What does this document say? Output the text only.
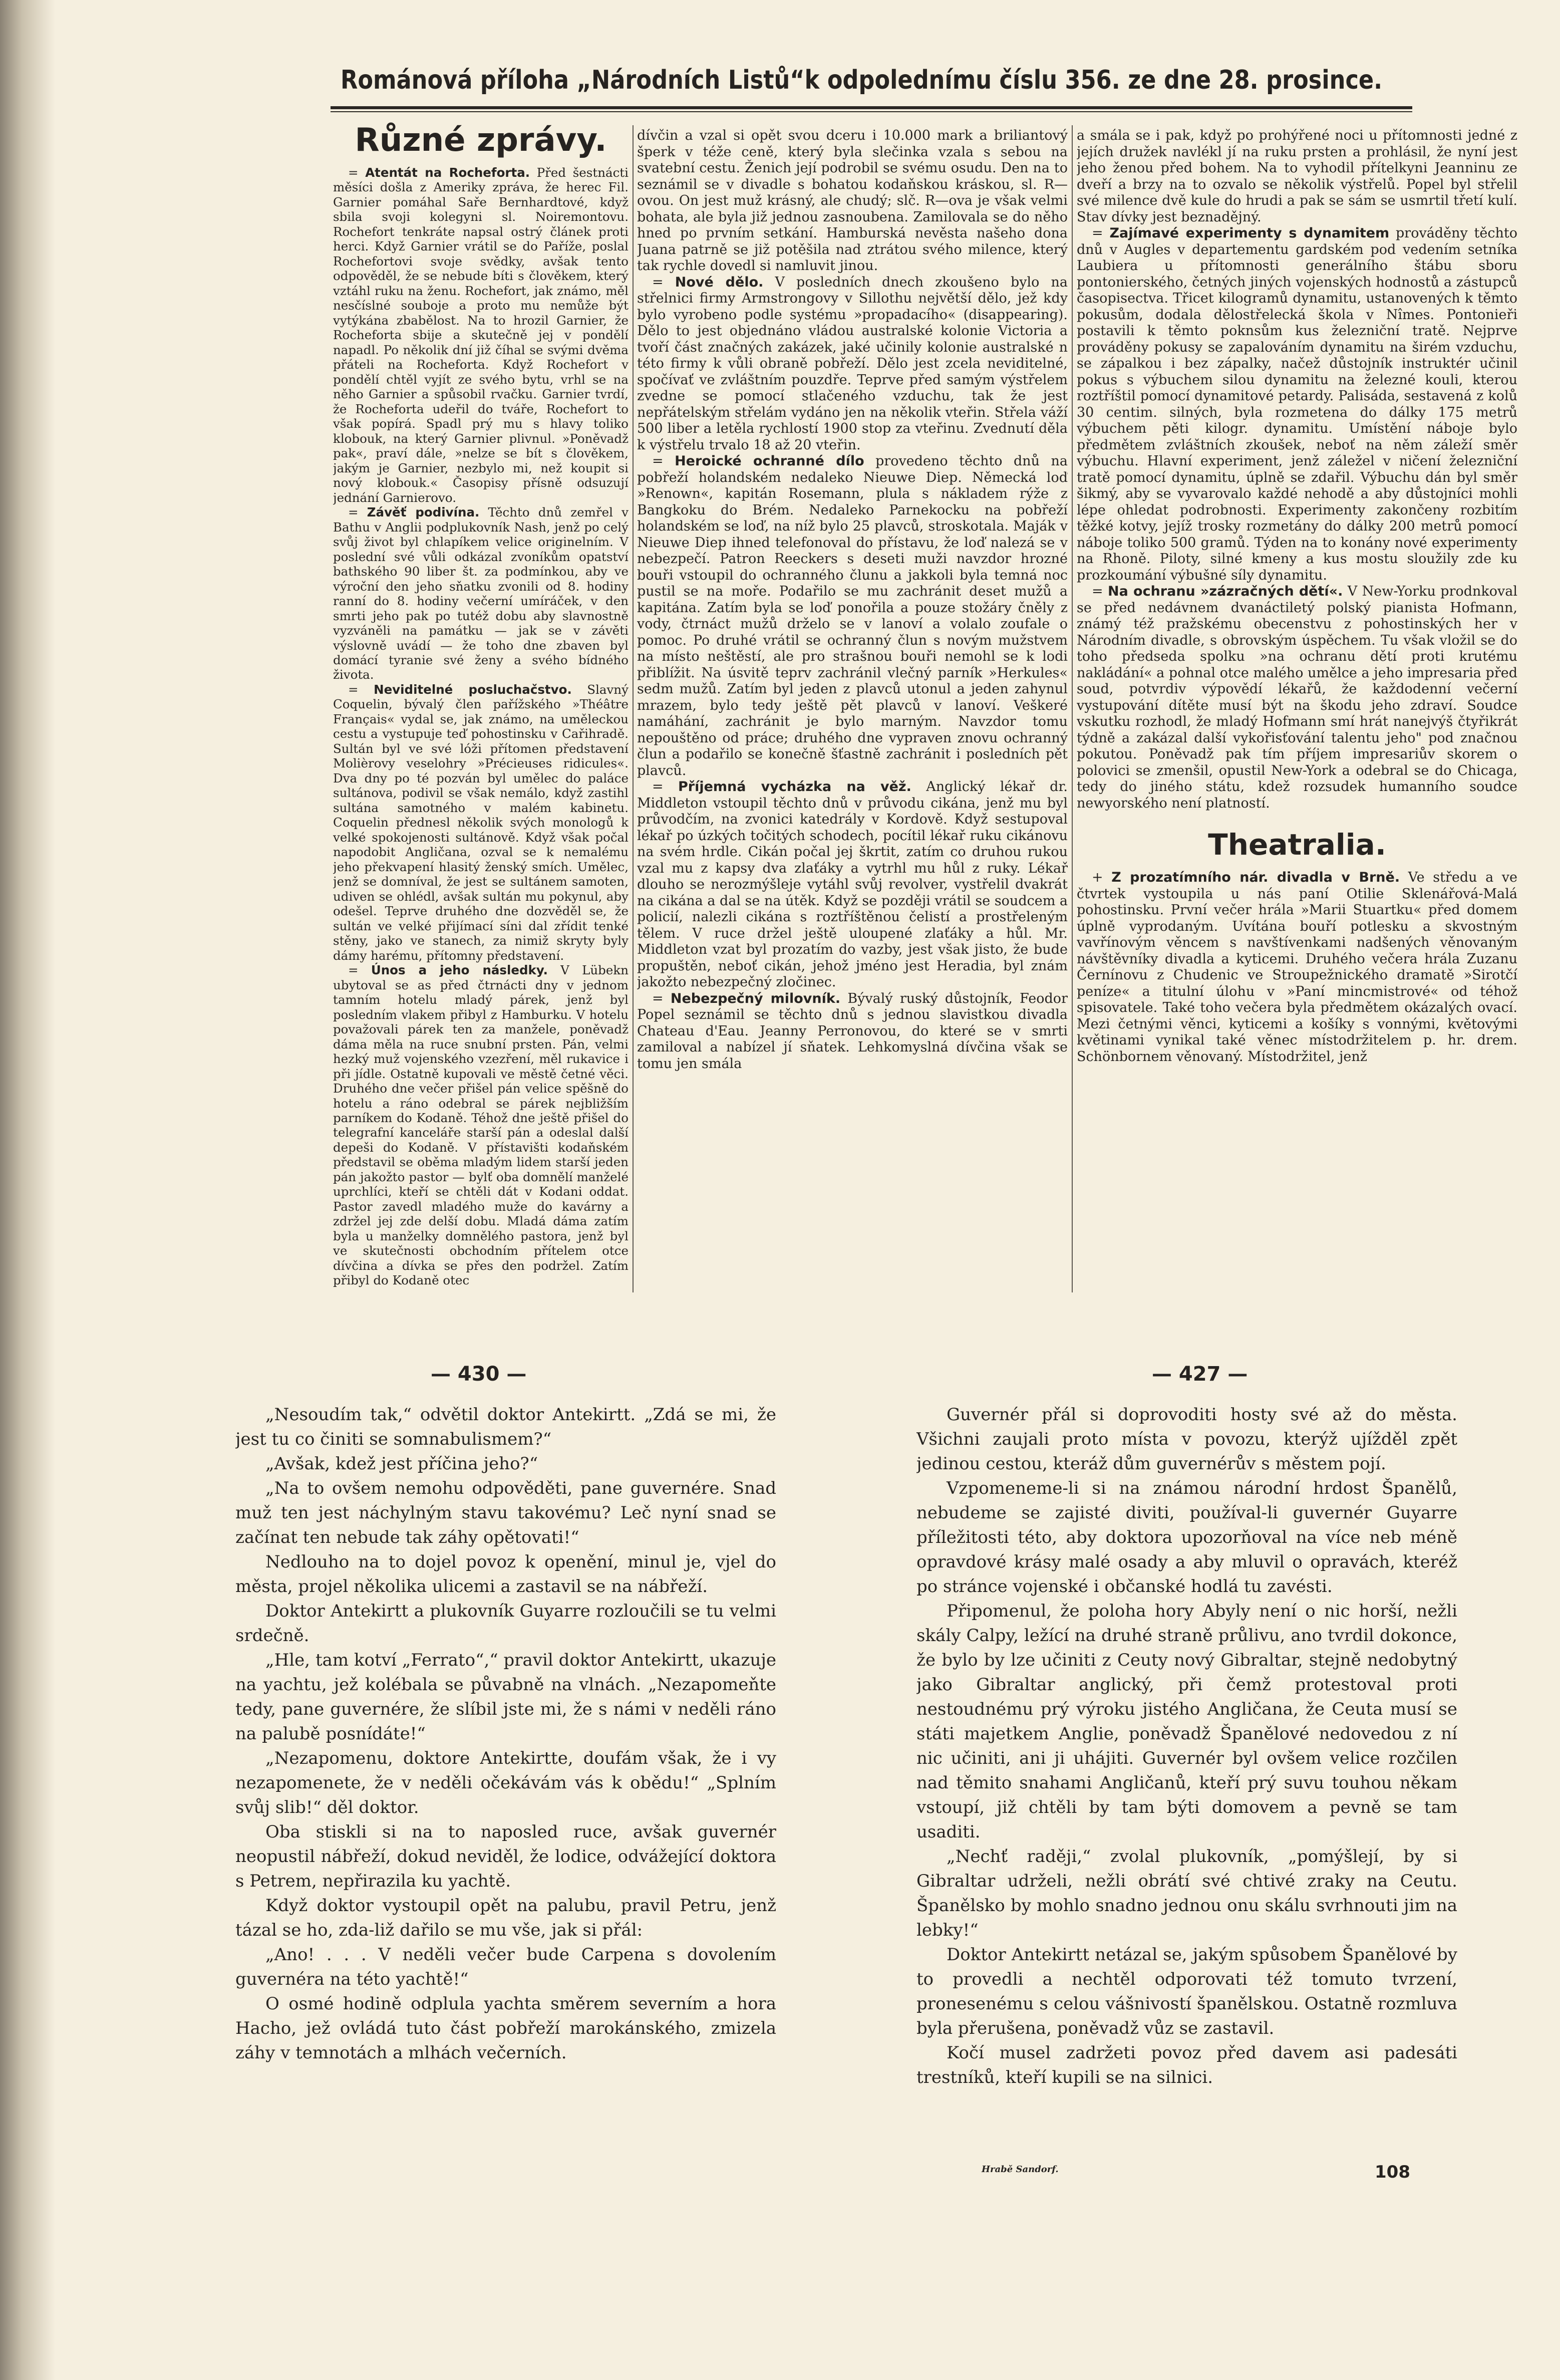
Románová příloha „Národních Listů“k odpolednímu číslu 356. ze dne 28. prosince.
Různé zprávy.

= Atentát na Rocheforta. Před šestnácti měsíci došla z Ameriky zpráva, že herec Fil. Garnier pomáhal Saře Bernhardtové, když sbila svoji kolegyni sl. Noiremontovu. Rochefort tenkráte napsal ostrý článek proti herci. Když Garnier vrátil se do Paříže, poslal Rochefortovi svoje svědky, avšak tento odpověděl, že se nebude bíti s člověkem, který vztáhl ruku na ženu. Rochefort, jak známo, měl nesčíslné souboje a proto mu nemůže být vytýkána zbabělost. Na to hrozil Garnier, že Rocheforta sbije a skutečně jej v pondělí napadl. Po několik dní již číhal se svými dvěma přáteli na Rocheforta. Když Rochefort v pondělí chtěl vyjít ze svého bytu, vrhl se na něho Garnier a spůsobil rvačku. Garnier tvrdí, že Rocheforta udeřil do tváře, Rochefort to však popírá. Spadl prý mu s hlavy toliko klobouk, na který Garnier plivnul. »Poněvadž pak«, praví dále, »nelze se bít s člověkem, jakým je Garnier, nezbylo mi, než koupit si nový klobouk.« Časopisy přísně odsuzují jednání Garnierovo.

= Závěť podivína. Těchto dnů zemřel v Bathu v Anglii podplukovník Nash, jenž po celý svůj život byl chlapíkem velice originelním. V poslední své vůli odkázal zvoníkům opatství bathského 90 liber št. za podmínkou, aby ve výroční den jeho sňatku zvonili od 8. hodiny ranní do 8. hodiny večerní umíráček, v den smrti jeho pak po tutéž dobu aby slavnostně vyzváněli na památku — jak se v závěti výslovně uvádí — že toho dne zbaven byl domácí tyranie své ženy a svého bídného života.

= Neviditelné posluchačstvo. Slavný Coquelin, bývalý člen pařížského »Théâtre Français« vydal se, jak známo, na uměleckou cestu a vystupuje teď pohostinsku v Cařihradě. Sultán byl ve své lóži přítomen představení Molièrovy veselohry »Précieuses ridicules«. Dva dny po té pozván byl umělec do paláce sultánova, podivil se však nemálo, když zastihl sultána samotného v malém kabinetu. Coquelin přednesl několik svých monologů k velké spokojenosti sultánově. Když však počal napodobit Angličana, ozval se k nemalému jeho překvapení hlasitý ženský smích. Umělec, jenž se domníval, že jest se sultánem samoten, udiven se ohlédl, avšak sultán mu pokynul, aby odešel. Teprve druhého dne dozvěděl se, že sultán ve velké přijímací síni dal zřídit tenké stěny, jako ve stanech, za nimiž skryty byly dámy harému, přítomny představení.

= Únos a jeho následky. V Lübekn ubytoval se as před čtrnácti dny v jednom tamním hotelu mladý párek, jenž byl posledním vlakem přibyl z Hamburku. V hotelu považovali párek ten za manžele, poněvadž dáma měla na ruce snubní prsten. Pán, velmi hezký muž vojenského vzezření, měl rukavice i při jídle. Ostatně kupovali ve městě četné věci. Druhého dne večer přišel pán velice spěšně do hotelu a ráno odebral se párek nejbližším parníkem do Kodaně. Téhož dne ještě přišel do telegrafní kanceláře starší pán a odeslal další depeši do Kodaně. V přístavišti kodaňském představil se oběma mladým lidem starší jeden pán jakožto pastor — bylť oba domnělí manželé uprchlíci, kteří se chtěli dát v Kodani oddat. Pastor zavedl mladého muže do kavárny a zdržel jej zde delší dobu. Mladá dáma zatím byla u manželky domnělého pastora, jenž byl ve skutečnosti obchodním přítelem otce dívčina a dívka se přes den podržel. Zatím přibyl do Kodaně otec

dívčin a vzal si opět svou dceru i 10.000 mark a briliantový šperk v téže ceně, který byla slečinka vzala s sebou na svatební cestu. Ženich její podrobil se svému osudu. Den na to seznámil se v divadle s bohatou kodaňskou kráskou, sl. R—ovou. On jest muž krásný, ale chudý; slč. R—ova je však velmi bohata, ale byla již jednou zasnoubena. Zamilovala se do něho hned po prvním setkání. Hamburská nevěsta našeho dona Juana patrně se již potěšila nad ztrátou svého milence, který tak rychle dovedl si namluvit jinou.

= Nové dělo. V posledních dnech zkoušeno bylo na střelnici firmy Armstrongovy v Sillothu největší dělo, jež kdy bylo vyrobeno podle systému »propadacího« (disappearing). Dělo to jest objednáno vládou australské kolonie Victoria a tvoří část značných zakázek, jaké učinily kolonie australské n této firmy k vůli obraně pobřeží. Dělo jest zcela neviditelné, spočívať ve zvláštním pouzdře. Teprve před samým výstřelem zvedne se pomocí stlačeného vzduchu, tak že jest nepřátelským střelám vydáno jen na několik vteřin. Střela váží 500 liber a letěla rychlostí 1900 stop za vteřinu. Zvednutí děla k výstřelu trvalo 18 až 20 vteřin.

= Heroické ochranné dílo provedeno těchto dnů na pobřeží holandském nedaleko Nieuwe Diep. Německá loď »Renown«, kapitán Rosemann, plula s nákladem rýže z Bangkoku do Brém. Nedaleko Parnekocku na pobřeží holandském se loď, na níž bylo 25 plavců, stroskotala. Maják v Nieuwe Diep ihned telefonoval do přístavu, že loď nalezá se v nebezpečí. Patron Reeckers s deseti muži navzdor hrozné bouři vstoupil do ochranného člunu a jakkoli byla temná noc pustil se na moře. Podařilo se mu zachránit deset mužů a kapitána. Zatím byla se loď ponořila a pouze stožáry čněly z vody, čtrnáct mužů drželo se v lanoví a volalo zoufale o pomoc. Po druhé vrátil se ochranný člun s novým mužstvem na místo neštěstí, ale pro strašnou bouři nemohl se k lodi přiblížit. Na úsvitě teprv zachránil vlečný parník »Herkules« sedm mužů. Zatím byl jeden z plavců utonul a jeden zahynul mrazem, bylo tedy ještě pět plavců v lanoví. Veškeré namáhání, zachránit je bylo marným. Navzdor tomu nepouštěno od práce; druhého dne vypraven znovu ochranný člun a podařilo se konečně šťastně zachránit i posledních pět plavců.

= Příjemná vycházka na věž. Anglický lékař dr. Middleton vstoupil těchto dnů v průvodu cikána, jenž mu byl průvodčím, na zvonici katedrály v Kordově. Když sestupoval lékař po úzkých točitých schodech, pocítil lékař ruku cikánovu na svém hrdle. Cikán počal jej škrtit, zatím co druhou rukou vzal mu z kapsy dva zlaťáky a vytrhl mu hůl z ruky. Lékař dlouho se nerozmýšleje vytáhl svůj revolver, vystřelil dvakrát na cikána a dal se na útěk. Když se později vrátil se soudcem a policií, nalezli cikána s roztříštěnou čelistí a prostřeleným tělem. V ruce držel ještě uloupené zlaťáky a hůl. Mr. Middleton vzat byl prozatím do vazby, jest však jisto, že bude propuštěn, neboť cikán, jehož jméno jest Heradia, byl znám jakožto nebezpečný zločinec.

= Nebezpečný milovník. Bývalý ruský důstojník, Feodor Popel seznámil se těchto dnů s jednou slavistkou divadla Chateau d'Eau. Jeanny Perronovou, do které se v smrti zamiloval a nabízel jí sňatek. Lehkomyslná dívčina však se tomu jen smála

a smála se i pak, když po prohýřené noci u přítomnosti jedné z jejích družek navlékl jí na ruku prsten a prohlásil, že nyní jest jeho ženou před bohem. Na to vyhodil přítelkyni Jeanninu ze dveří a brzy na to ozvalo se několik výstřelů. Popel byl střelil své milence dvě kule do hrudi a pak se sám se usmrtil třetí kulí. Stav dívky jest beznadějný.

= Zajímavé experimenty s dynamitem prováděny těchto dnů v Augles v departementu gardském pod vedením setníka Laubiera u přítomnosti generálního štábu sboru pontonierského, četných jiných vojenských hodnostů a zástupců časopisectva. Třicet kilogramů dynamitu, ustanovených k těmto pokusům, dodala dělostřelecká škola v Nîmes. Pontonieři postavili k těmto poknsům kus železniční tratě. Nejprve prováděny pokusy se zapalováním dynamitu na širém vzduchu, se zápalkou i bez zápalky, načež důstojník instruktér učinil pokus s výbuchem silou dynamitu na železné kouli, kterou roztříštil pomocí dynamitové petardy. Palisáda, sestavená z kolů 30 centim. silných, byla rozmetena do dálky 175 metrů výbuchem pěti kilogr. dynamitu. Umístění náboje bylo předmětem zvláštních zkoušek, neboť na něm záleží směr výbuchu. Hlavní experiment, jenž záležel v ničení železniční tratě pomocí dynamitu, úplně se zdařil. Výbuchu dán byl směr šikmý, aby se vyvarovalo každé nehodě a aby důstojníci mohli lépe ohledat podrobnosti. Experimenty zakončeny rozbitím těžké kotvy, jejíž trosky rozmetány do dálky 200 metrů pomocí náboje toliko 500 gramů. Týden na to konány nové experimenty na Rhoně. Piloty, silné kmeny a kus mostu sloužily zde ku prozkoumání výbušné síly dynamitu.

= Na ochranu »zázračných dětí«. V New-Yorku prodnkoval se před nedávnem dvanáctiletý polský pianista Hofmann, známý též pražskému obecenstvu z pohostinských her v Národním divadle, s obrovským úspěchem. Tu však vložil se do toho předseda spolku »na ochranu dětí proti krutému nakládání« a pohnal otce malého umělce a jeho impresaria před soud, potvrdiv výpovědí lékařů, že každodenní večerní vystupování dítěte musí být na škodu jeho zdraví. Soudce vskutku rozhodl, že mladý Hofmann smí hrát nanejvýš čtyřikrát týdně a zakázal další vykořisťování talentu jeho" pod značnou pokutou. Poněvadž pak tím příjem impresariův skorem o polovici se zmenšil, opustil New-York a odebral se do Chicaga, tedy do jiného státu, kdež rozsudek humanního soudce newyorského není platností.

Theatralia.

+ Z prozatímního nár. divadla v Brně. Ve středu a ve čtvrtek vystoupila u nás paní Otilie Sklenářová-Malá pohostinsku. První večer hrála »Marii Stuartku« před domem úplně vyprodaným. Uvítána bouří potlesku a skvostným vavřínovým věncem s navštívenkami nadšených věnovaným návštěvníky divadla a kyticemi. Druhého večera hrála Zuzanu Černínovu z Chudenic ve Stroupežnického dramatě »Sirotčí peníze« a titulní úlohu v »Paní mincmistrové« od téhož spisovatele. Také toho večera byla předmětem okázalých ovací. Mezi četnými věnci, kyticemi a košíky s vonnými, květovými květinami vynikal také věnec místodržitelem p. hr. drem. Schönbornem věnovaný. Místodržitel, jenž

— 430 —	— 427 —

„Nesoudím tak,“ odvětil doktor Antekirtt. „Zdá se mi, že jest tu co činiti se somnabulismem?“

„Avšak, kdež jest příčina jeho?“

„Na to ovšem nemohu odpověděti, pane guvernére. Snad muž ten jest náchylným stavu takovému? Leč nyní snad se začínat ten nebude tak záhy opětovati!“

Nedlouho na to dojel povoz k openění, minul je, vjel do města, projel několika ulicemi a zastavil se na nábřeží.

Doktor Antekirtt a plukovník Guyarre rozloučili se tu velmi srdečně.

„Hle, tam kotví „Ferrato“,“ pravil doktor Antekirtt, ukazuje na yachtu, jež kolébala se půvabně na vlnách. „Nezapomeňte tedy, pane guvernére, že slíbil jste mi, že s námi v neděli ráno na palubě posnídáte!“

„Nezapomenu, doktore Antekirtte, doufám však, že i vy nezapomenete, že v neděli očekávám vás k obědu!“ „Splním svůj slib!“ děl doktor.

Oba stiskli si na to naposled ruce, avšak guvernér neopustil nábřeží, dokud neviděl, že lodice, odvážející doktora s Petrem, nepřirazila ku yachtě.

Když doktor vystoupil opět na palubu, pravil Petru, jenž tázal se ho, zda-liž dařilo se mu vše, jak si přál:

„Ano! . . . V neděli večer bude Carpena s dovolením guvernéra na této yachtě!“

O osmé hodině odplula yachta směrem severním a hora Hacho, jež ovládá tuto část pobřeží marokánského, zmizela záhy v temnotách a mlhách večerních.

Guvernér přál si doprovoditi hosty své až do města. Všichni zaujali proto místa v povozu, kterýž ujížděl zpět jedinou cestou, kteráž dům guvernérův s městem pojí.

Vzpomeneme-li si na známou národní hrdost Španělů, nebudeme se zajisté diviti, používal-li guvernér Guyarre příležitosti této, aby doktora upozorňoval na více neb méně opravdové krásy malé osady a aby mluvil o opravách, kteréž po stránce vojenské i občanské hodlá tu zavésti.

Připomenul, že poloha hory Abyly není o nic horší, nežli skály Calpy, ležící na druhé straně průlivu, ano tvrdil dokonce, že bylo by lze učiniti z Ceuty nový Gibraltar, stejně nedobytný jako Gibraltar anglický, při čemž protestoval proti nestoudnému prý výroku jistého Angličana, že Ceuta musí se státi majetkem Anglie, poněvadž Španělové nedovedou z ní nic učiniti, ani ji uhájiti. Guvernér byl ovšem velice rozčilen nad těmito snahami Angličanů, kteří prý suvu touhou někam vstoupí, již chtěli by tam býti domovem a pevně se tam usaditi.

„Nechť raději,“ zvolal plukovník, „pomýšlejí, by si Gibraltar udrželi, nežli obrátí své chtivé zraky na Ceutu. Španělsko by mohlo snadno jednou onu skálu svrhnouti jim na lebky!“

Doktor Antekirtt netázal se, jakým spůsobem Španělové by to provedli a nechtěl odporovati též tomuto tvrzení, pronesenému s celou vášnivostí španělskou. Ostatně rozmluva byla přerušena, poněvadž vůz se zastavil.

Kočí musel zadržeti povoz před davem asi padesáti trestníků, kteří kupili se na silnici.

Hrabě Sandorf.	108
